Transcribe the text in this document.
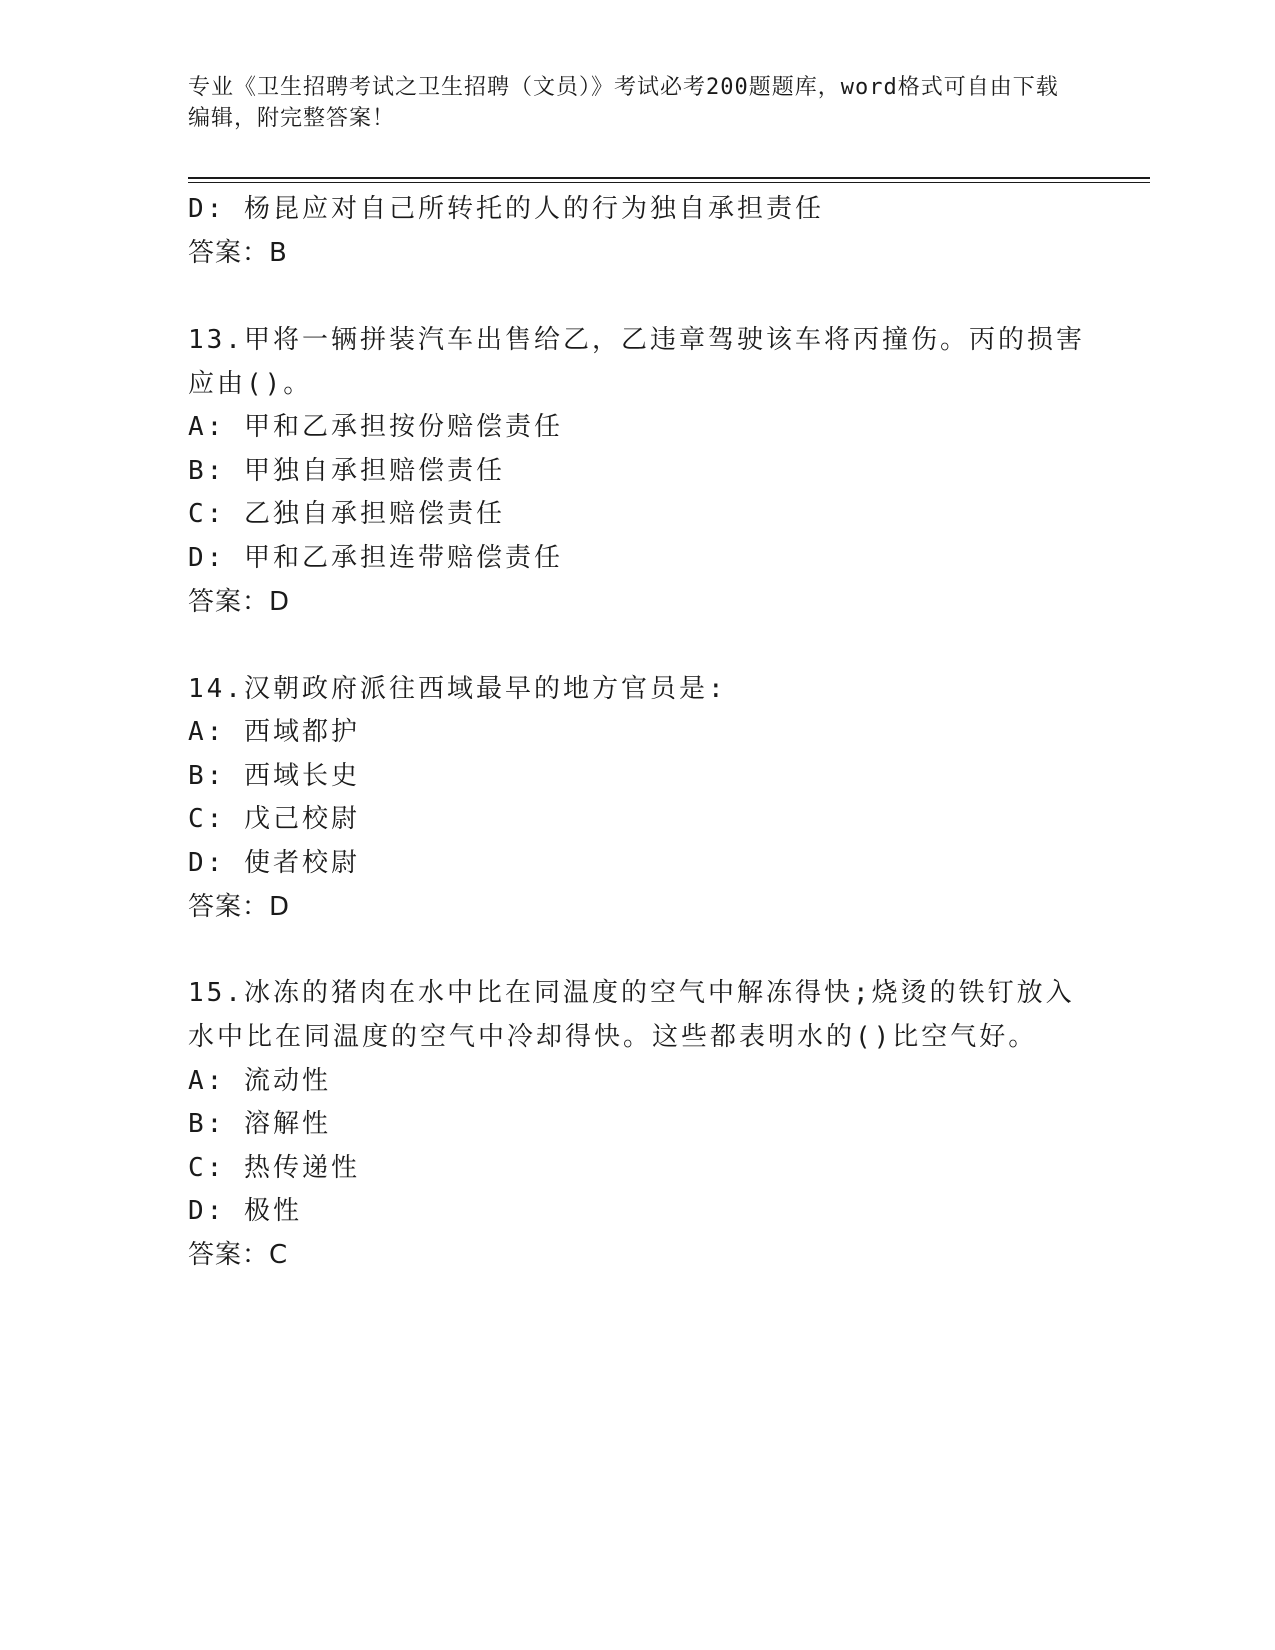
专业《卫生招聘考试之卫生招聘（文员）》考试必考200题题库，word格式可自由下载编辑，附完整答案！
D: 杨昆应对自己所转托的人的行为独自承担责任
答案：B
13.甲将一辆拼装汽车出售给乙，乙违章驾驶该车将丙撞伤。丙的损害
应由()。
A: 甲和乙承担按份赔偿责任
B: 甲独自承担赔偿责任
C: 乙独自承担赔偿责任
D: 甲和乙承担连带赔偿责任
答案：D
14.汉朝政府派往西域最早的地方官员是:
A: 西域都护
B: 西域长史
C: 戊己校尉
D: 使者校尉
答案：D
15.冰冻的猪肉在水中比在同温度的空气中解冻得快;烧烫的铁钉放入
水中比在同温度的空气中冷却得快。这些都表明水的()比空气好。
A: 流动性
B: 溶解性
C: 热传递性
D: 极性
答案：C
